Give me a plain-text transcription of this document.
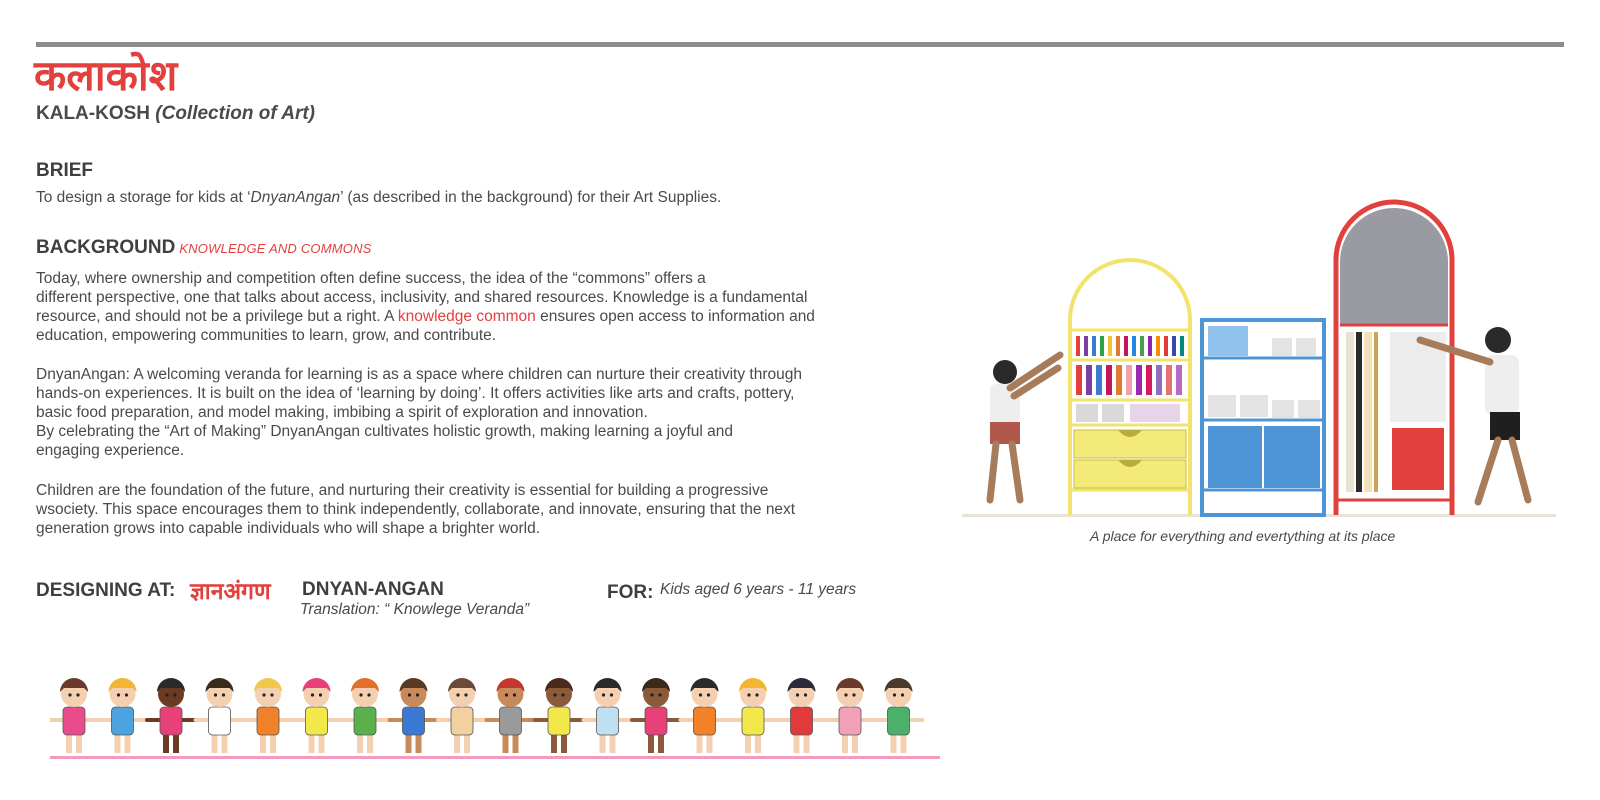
कलाकोश
KALA-KOSH (Collection of Art)
BRIEF
To design a storage for kids at ‘DnyanAngan’ (as described in the background) for their Art Supplies.
BACKGROUND KNOWLEDGE AND COMMONS
Today, where ownership and competition often define success, the idea of the “commons” offers a
different perspective, one that talks about access, inclusivity, and shared resources. Knowledge is a fundamental
resource, and should not be a privilege but a right. A knowledge common ensures open access to information and
education, empowering communities to learn, grow, and contribute.
DnyanAngan: A welcoming veranda for learning is as a space where children can nurture their creativity through
hands-on experiences. It is built on the idea of ‘learning by doing’. It offers activities like arts and crafts, pottery,
basic food preparation, and model making, imbibing a spirit of exploration and innovation.
By celebrating the “Art of Making” DnyanAngan cultivates holistic growth, making learning a joyful and
engaging experience.
Children are the foundation of the future, and nurturing their creativity is essential for building a progressive
wsociety. This space encourages them to think independently, collaborate, and innovate, ensuring that the next
generation grows into capable individuals who will shape a brighter world.
DESIGNING AT: ज्ञानअंगण DNYAN-ANGAN
Translation: “ Knowlege Veranda”
FOR: Kids aged 6 years - 11 years
A place for everything and evertything at its place
